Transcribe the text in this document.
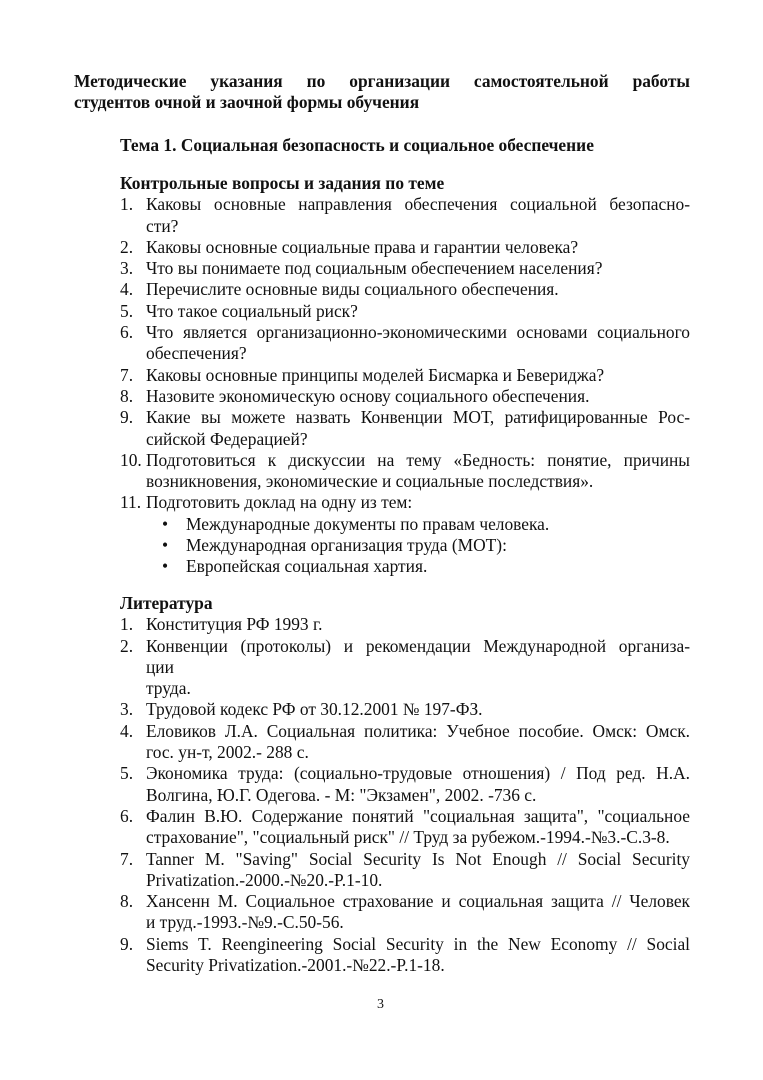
Методические указания по организации самостоятельной работы
студентов очной и заочной формы обучения
Тема 1. Социальная безопасность и социальное обеспечение
Контрольные вопросы и задания по теме
1. Каковы основные направления обеспечения социальной безопасно-
сти?
2. Каковы основные социальные права и гарантии человека?
3. Что вы понимаете под социальным обеспечением населения?
4. Перечислите основные виды социального обеспечения.
5. Что такое социальный риск?
6. Что является организационно-экономическими основами социального
обеспечения?
7. Каковы основные принципы моделей Бисмарка и Бевериджа?
8. Назовите экономическую основу социального обеспечения.
9. Какие вы можете назвать Конвенции МОТ, ратифицированные Рос-
сийской Федерацией?
10. Подготовиться к дискуссии на тему «Бедность: понятие, причины
возникновения, экономические и социальные последствия».
11. Подготовить доклад на одну из тем:
• Международные документы по правам человека.
• Международная организация труда (МОТ):
• Европейская социальная хартия.
Литература
1. Конституция РФ 1993 г.
2. Конвенции (протоколы) и рекомендации Международной организа-
ции
труда.
3. Трудовой кодекс РФ от 30.12.2001 № 197-ФЗ.
4. Еловиков Л.А. Социальная политика: Учебное пособие. Омск: Омск.
гос. ун-т, 2002.- 288 с.
5. Экономика труда: (социально-трудовые отношения) / Под ред. Н.А.
Волгина, Ю.Г. Одегова. - М: "Экзамен", 2002. -736 с.
6. Фалин В.Ю. Содержание понятий "социальная защита", "социальное
страхование", "социальный риск" // Труд за рубежом.-1994.-№3.-С.3-8.
7. Tanner M. "Saving" Social Security Is Not Enough // Social Security
Privatization.-2000.-№20.-P.1-10.
8. Хансенн М. Социальное страхование и социальная защита // Человек
и труд.-1993.-№9.-С.50-56.
9. Siems T. Reengineering Social Security in the New Economy // Social
Security Privatization.-2001.-№22.-P.1-18.
3
